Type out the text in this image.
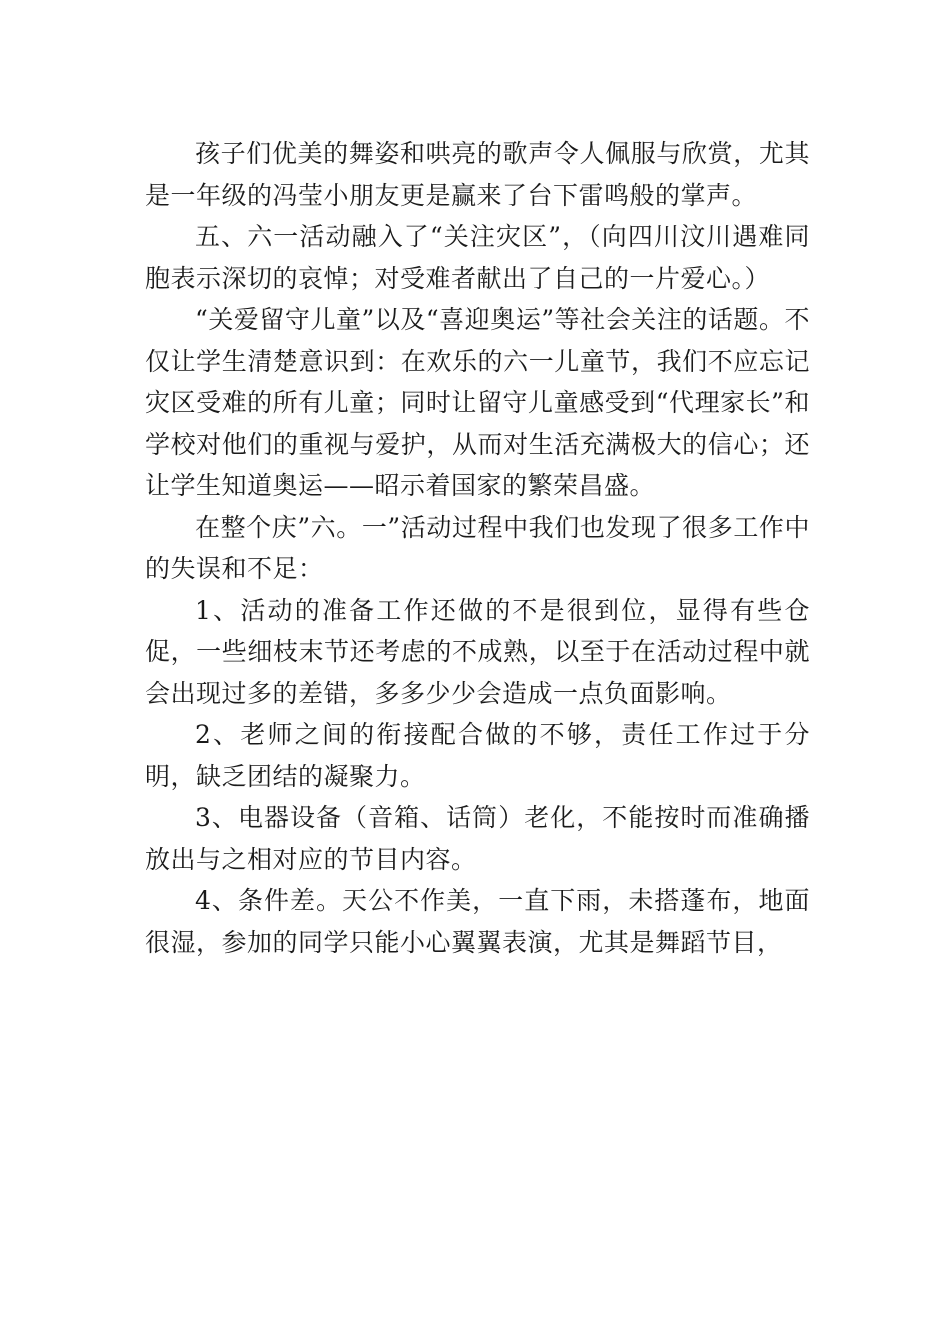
孩子们优美的舞姿和哄亮的歌声令人佩服与欣赏，尤其是一年级的冯莹小朋友更是赢来了台下雷鸣般的掌声。

五、六一活动融入了“关注灾区”，（向四川汶川遇难同胞表示深切的哀悼；对受难者献出了自己的一片爱心。）

“关爱留守儿童”以及“喜迎奥运”等社会关注的话题。不仅让学生清楚意识到：在欢乐的六一儿童节，我们不应忘记灾区受难的所有儿童；同时让留守儿童感受到“代理家长”和学校对他们的重视与爱护，从而对生活充满极大的信心；还让学生知道奥运——昭示着国家的繁荣昌盛。

在整个庆”六。一”活动过程中我们也发现了很多工作中的失误和不足：

1、活动的准备工作还做的不是很到位，显得有些仓促，一些细枝末节还考虑的不成熟，以至于在活动过程中就会出现过多的差错，多多少少会造成一点负面影响。

2、老师之间的衔接配合做的不够，责任工作过于分明，缺乏团结的凝聚力。

3、电器设备（音箱、话筒）老化，不能按时而准确播放出与之相对应的节目内容。

4、条件差。天公不作美，一直下雨，未搭蓬布，地面很湿，参加的同学只能小心翼翼表演，尤其是舞蹈节目，
